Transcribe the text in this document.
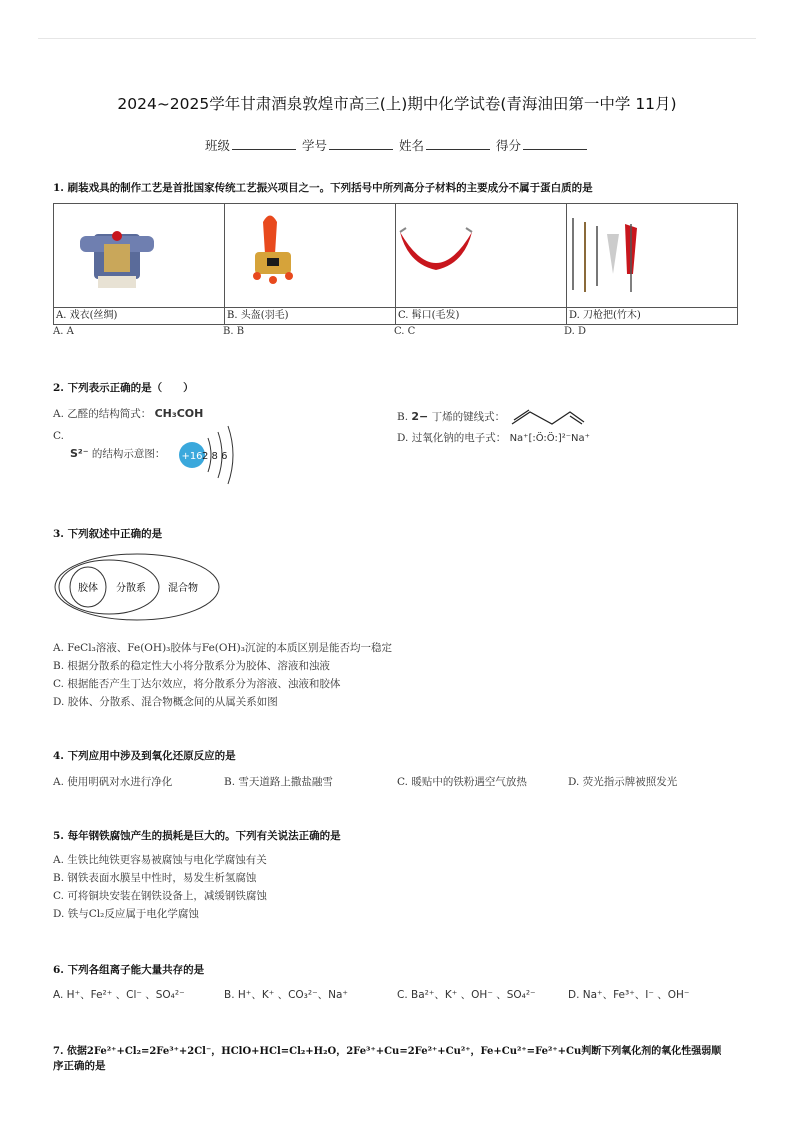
2024~2025学年甘肃酒泉敦煌市高三(上)期中化学试卷(青海油田第一中学 11月)
班级	学号	姓名	得分
1. 刷装戏具的制作工艺是首批国家传统工艺振兴项目之一。下列括号中所列高分子材料的主要成分不属于蛋白质的是

A. 戏衣(丝绸)	B. 头盔(羽毛)	C. 髯口(毛发)	D. 刀枪把(竹木)
A. A	B. B	C. C	D. D
2. 下列表示正确的是（　　）
A. 乙醛的结构简式： CH₃COH	B. 2− 丁烯的键线式：
C.
S²⁻ 的结构示意图： +16 2 8 6
D. 过氧化钠的电子式： Na⁺[:Ö:Ö:]²⁻Na⁺
3. 下列叙述中正确的是
胶体 分散系 混合物
A. FeCl₃溶液、Fe(OH)₃胶体与Fe(OH)₃沉淀的本质区别是能否均一稳定
B. 根据分散系的稳定性大小将分散系分为胶体、溶液和浊液
C. 根据能否产生丁达尔效应，将分散系分为溶液、浊液和胶体
D. 胶体、分散系、混合物概念间的从属关系如图
4. 下列应用中涉及到氧化还原反应的是
A. 使用明矾对水进行净化	B. 雪天道路上撒盐融雪	C. 暖贴中的铁粉遇空气放热	D. 荧光指示牌被照发光
5. 每年钢铁腐蚀产生的损耗是巨大的。下列有关说法正确的是
A. 生铁比纯铁更容易被腐蚀与电化学腐蚀有关
B. 钢铁表面水膜呈中性时，易发生析氢腐蚀
C. 可将铜块安装在钢铁设备上，减缓钢铁腐蚀
D. 铁与Cl₂反应属于电化学腐蚀
6. 下列各组离子能大量共存的是
A. H⁺、Fe²⁺ 、Cl⁻ 、SO₄²⁻	B. H⁺、K⁺ 、CO₃²⁻、Na⁺	C. Ba²⁺、K⁺ 、OH⁻ 、SO₄²⁻	D. Na⁺、Fe³⁺、I⁻ 、OH⁻
7. 依据2Fe²⁺+Cl₂=2Fe³⁺+2Cl⁻，HClO+HCl=Cl₂+H₂O，2Fe³⁺+Cu=2Fe²⁺+Cu²⁺，Fe+Cu²⁺=Fe²⁺+Cu判断下列氧化剂的氧化性强弱顺
序正确的是
